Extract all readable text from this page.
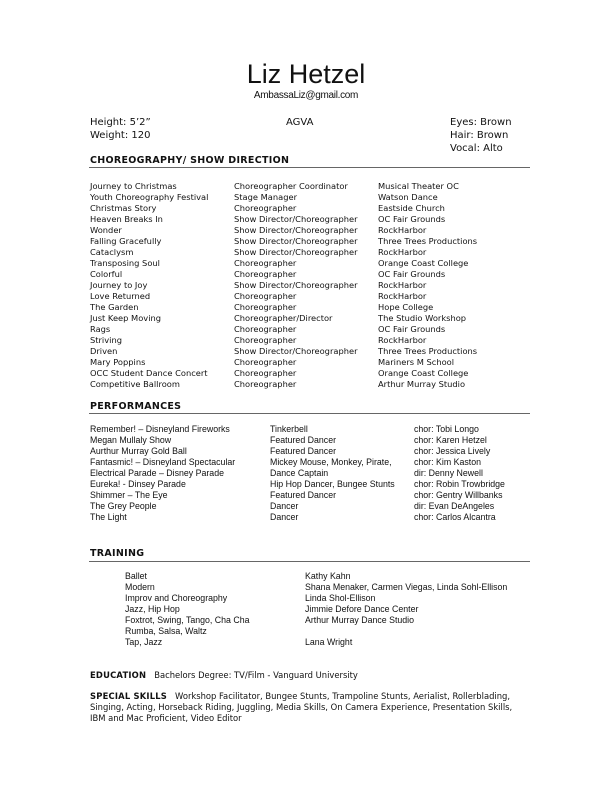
Liz Hetzel
AmbassaLiz@gmail.com
Height: 5’2”
Weight: 120
AGVA	Eyes: Brown
Hair: Brown
Vocal: Alto
CHOREOGRAPHY/ SHOW DIRECTION
Journey to Christmas	Choreographer Coordinator	Musical Theater OC
Youth Choreography Festival	Stage Manager	Watson Dance
Christmas Story	Choreographer	Eastside Church
Heaven Breaks In	Show Director/Choreographer OC Fair Grounds
Wonder	Show Director/Choreographer RockHarbor
Falling Gracefully	Show Director/Choreographer Three Trees Productions
Cataclysm	Show Director/Choreographer RockHarbor
Transposing Soul	Choreographer	Orange Coast College
Colorful	Choreographer	OC Fair Grounds
Journey to Joy	Show Director/Choreographer RockHarbor
Love Returned	Choreographer	RockHarbor
The Garden	Choreographer	Hope College
Just Keep Moving	Choreographer/Director	The Studio Workshop
Rags	Choreographer	OC Fair Grounds
Striving	Choreographer	RockHarbor
Driven	Show Director/Choreographer Three Trees Productions
Mary Poppins	Choreographer	Mariners M School
OCC Student Dance Concert	Choreographer	Orange Coast College
Competitive Ballroom	Choreographer	Arthur Murray Studio
PERFORMANCES
Remember! – Disneyland Fireworks	Tinkerbell	chor: Tobi Longo
Megan Mullaly Show	Featured Dancer	chor: Karen Hetzel
Aurthur Murray Gold Ball	Featured Dancer	chor: Jessica Lively
Fantasmic! – Disneyland Spectacular	Mickey Mouse, Monkey, Pirate,	chor: Kim Kaston
Electrical Parade – Disney Parade	Dance Captain	dir: Denny Newell
Eureka! - Dinsey Parade	Hip Hop Dancer, Bungee Stunts chor: Robin Trowbridge
Shimmer – The Eye	Featured Dancer	chor: Gentry Willbanks
The Grey People	Dancer	dir: Evan DeAngeles
The Light	Dancer	chor: Carlos Alcantra
TRAINING
Ballet	Kathy Kahn
Modern	Shana Menaker, Carmen Viegas, Linda Sohl-Ellison
Improv and Choreography	Linda Shol-Ellison
Jazz, Hip Hop	Jimmie Defore Dance Center
Foxtrot, Swing, Tango, Cha Cha	Arthur Murray Dance Studio
Rumba, Salsa, Waltz
Tap, Jazz	Lana Wright
EDUCATION Bachelors Degree: TV/Film - Vanguard University
SPECIAL SKILLS Workshop Facilitator, Bungee Stunts, Trampoline Stunts, Aerialist, Rollerblading, Singing, Acting, Horseback Riding, Juggling, Media Skills, On Camera Experience, Presentation Skills, IBM and Mac Proficient, Video Editor
